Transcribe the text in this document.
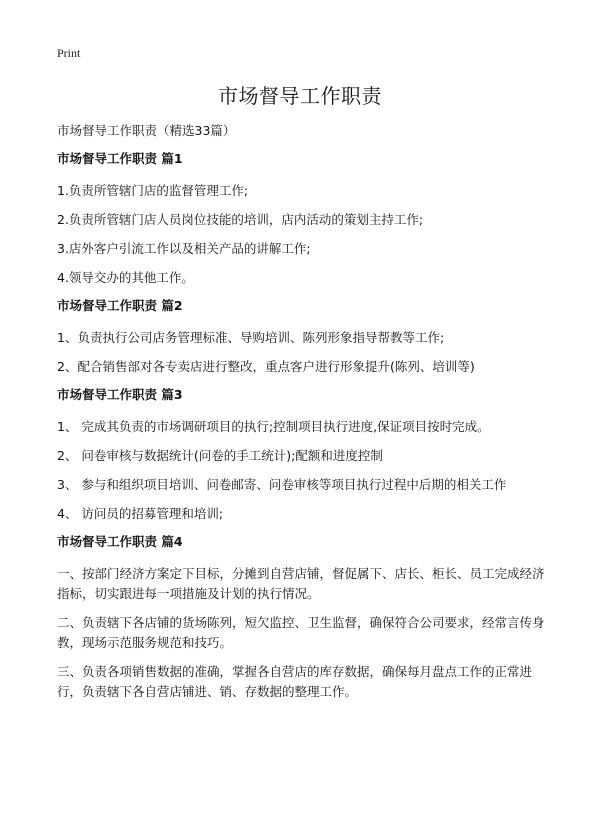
Print
市场督导工作职责
市场督导工作职责（精选33篇）
市场督导工作职责 篇1
1.负责所管辖门店的监督管理工作;
2.负责所管辖门店人员岗位技能的培训，店内活动的策划主持工作;
3.店外客户引流工作以及相关产品的讲解工作;
4.领导交办的其他工作。
市场督导工作职责 篇2
1、负责执行公司店务管理标准、导购培训、陈列形象指导帮教等工作;
2、配合销售部对各专卖店进行整改，重点客户进行形象提升(陈列、培训等)
市场督导工作职责 篇3
1、 完成其负责的市场调研项目的执行;控制项目执行进度,保证项目按时完成。
2、 问卷审核与数据统计(问卷的手工统计);配额和进度控制
3、 参与和组织项目培训、问卷邮寄、问卷审核等项目执行过程中后期的相关工作
4、 访问员的招募管理和培训;
市场督导工作职责 篇4
一、按部门经济方案定下目标，分摊到自营店铺，督促属下、店长、柜长、员工完成经济指标，切实跟进每一项措施及计划的执行情况。
二、负责辖下各店铺的货场陈列，短欠监控、卫生监督，确保符合公司要求，经常言传身教，现场示范服务规范和技巧。
三、负责各项销售数据的准确，掌握各自营店的库存数据，确保每月盘点工作的正常进行，负责辖下各自营店铺进、销、存数据的整理工作。
